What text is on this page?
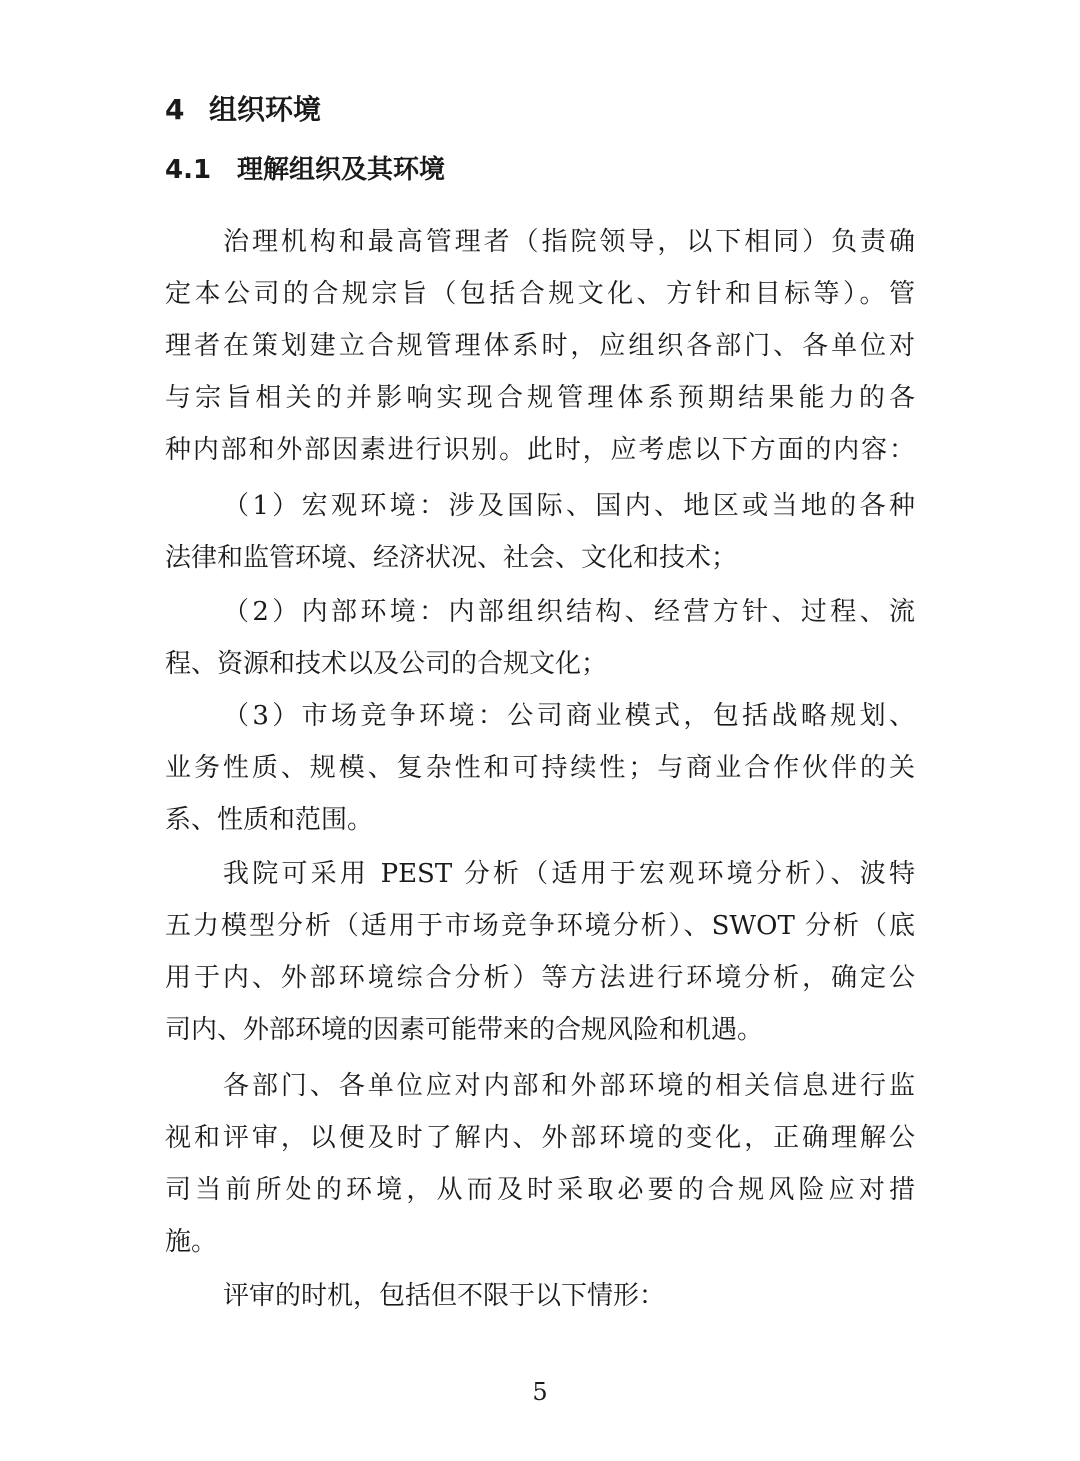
4 组织环境
4.1 理解组织及其环境
治理机构和最高管理者（指院领导，以下相同）负责确
定本公司的合规宗旨（包括合规文化、方针和目标等）。管
理者在策划建立合规管理体系时，应组织各部门、各单位对
与宗旨相关的并影响实现合规管理体系预期结果能力的各
种内部和外部因素进行识别。此时，应考虑以下方面的内容：
（1）宏观环境：涉及国际、国内、地区或当地的各种
法律和监管环境、经济状况、社会、文化和技术；
（2）内部环境：内部组织结构、经营方针、过程、流
程、资源和技术以及公司的合规文化；
（3）市场竞争环境：公司商业模式，包括战略规划、
业务性质、规模、复杂性和可持续性；与商业合作伙伴的关
系、性质和范围。
我院可采用 PEST 分析（适用于宏观环境分析）、波特
五力模型分析（适用于市场竞争环境分析）、SWOT 分析（底
用于内、外部环境综合分析）等方法进行环境分析，确定公
司内、外部环境的因素可能带来的合规风险和机遇。
各部门、各单位应对内部和外部环境的相关信息进行监
视和评审，以便及时了解内、外部环境的变化，正确理解公
司当前所处的环境，从而及时采取必要的合规风险应对措
施。
评审的时机，包括但不限于以下情形：
5
